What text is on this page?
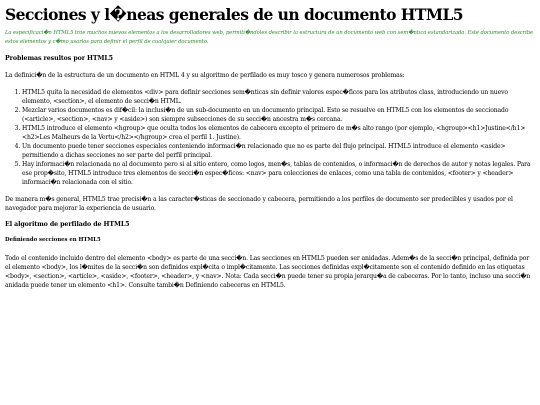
Secciones y l�neas generales de un documento HTML5

La especificaci�n HTML5 trae muchos nuevos elementos a los desarrolladores web, permiti�ndoles describir la estructura de un documento web con sem�ntica estandarizada. Este documento describe estos elementos y c�mo usarlos para definir el perfil de cualquier documento.

Problemas resultos por HTML5

La definici�n de la estructura de un documento en HTML 4 y su algoritmo de perfilado es muy tosco y genera numerosos problemas:

1. HTML5 quita la necesidad de elementos <div> para definir secciones sem�nticas sin definir valores espec�ficos para los atributos class, introduciendo un nuevo elemento, <section>, el elemento de secci�n HTML.
2. Mezclar varios documentos es dif�cil: la inclusi�n de un sub-documento en un documento principal. Esto se resuelve en HTML5 con los elementos de seccionado (<article>, <section>, <nav> y <aside>) son siempre subsecciones de su secci�n ancestra m�s cercana.
3. HTML5 introduce el elemento <hgroup> que oculta todos los elementos de cabecera excepto el primero de m�s alto rango (por ejemplo, <hgroup><h1>Justine</h1><h2>Les Malheurs de la Vertu</h2></hgroup> crea el perfil 1. Justine).
4. Un documento puede tener secciones especiales conteniendo informaci�n relacionado que no es parte del flujo principal. HTML5 introduce el elemento <aside> permitiendo a dichas secciones no ser parte del perfil principal.
5. Hay informaci�n relacionada no al documento pero si al sitio entero, como logos, men�s, tablas de contenidos, o informaci�n de derechos de autor y notas legales. Para ese prop�sito, HTML5 introduce tres elementos de secci�n espec�ficos: <nav> para colecciones de enlaces, como una tabla de contenidos, <footer> y <header> informaci�n relacionada con el sitio.

De manera m�s general, HTML5 trae precisi�n a las caracter�sticas de seccionado y cabecera, permitiendo a los perfiles de documento ser predecibles y usados por el navegador para mejorar la experiencia de usuario.

El algoritmo de perfilado de HTML5
Definiendo secciones en HTML5

Todo el contenido incluido dentro del elemento <body> es parte de una secci�n. Las secciones en HTML5 pueden ser anidadas. Adem�s de la secci�n principal, definida por el elemento <body>, los l�mites de la secci�n son definidos expl�cita o impl�citamente. Las secciones definidas expl�citamente son el contenido definido en las etiquetas <body>, <section>, <article>, <aside>, <footer>, <header>, y <nav>. Nota: Cada secci�n puede tener su propia jerarqu�a de cabeceras. Por lo tanto, incluso una secci�n anidada puede tener un elemento <h1>. Consulte tambi�n Definiendo cabeceras en HTML5.
